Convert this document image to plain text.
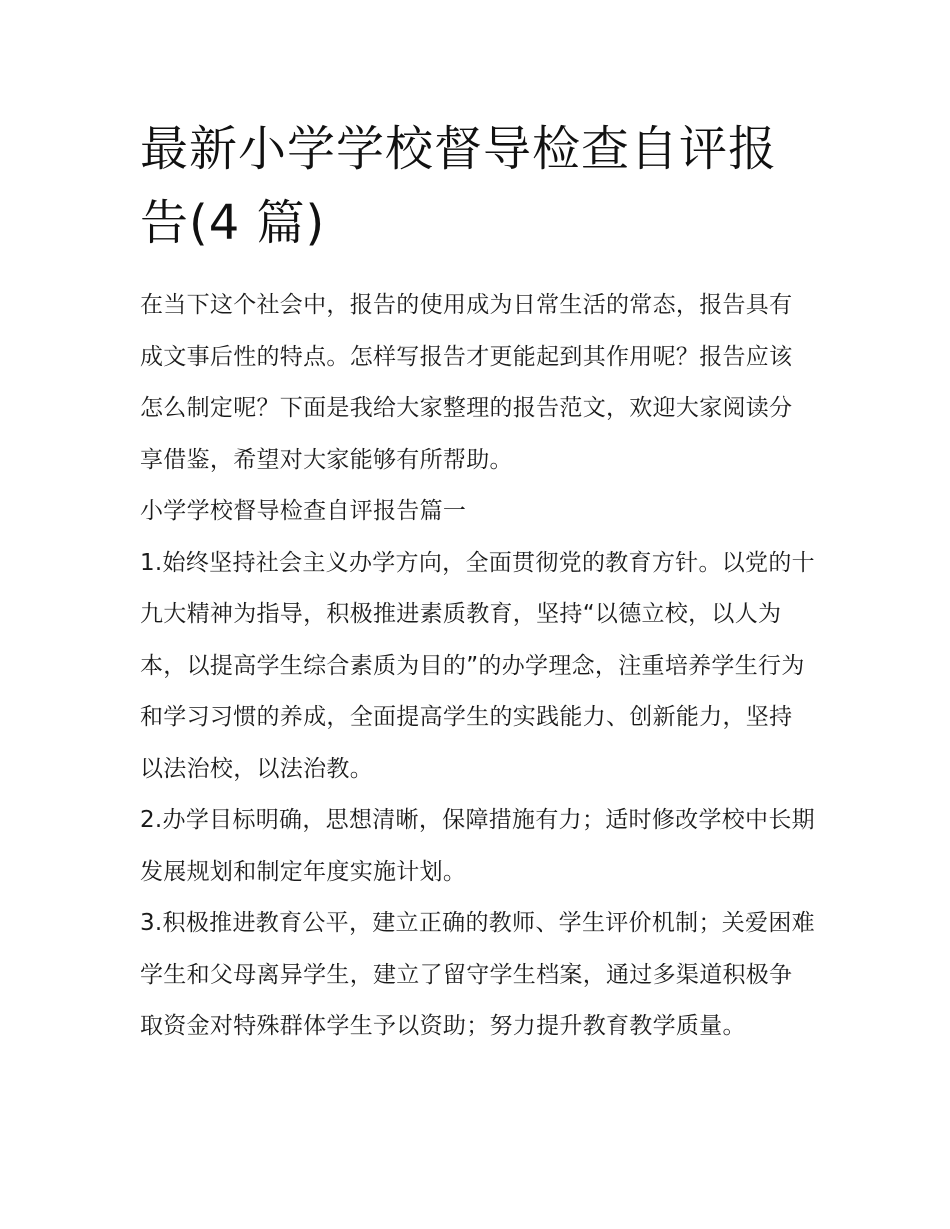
最新小学学校督导检查自评报告(4 篇)

在当下这个社会中，报告的使用成为日常生活的常态，报告具有成文事后性的特点。怎样写报告才更能起到其作用呢？报告应该怎么制定呢？下面是我给大家整理的报告范文，欢迎大家阅读分享借鉴，希望对大家能够有所帮助。

小学学校督导检查自评报告篇一

1.始终坚持社会主义办学方向，全面贯彻党的教育方针。以党的十九大精神为指导，积极推进素质教育，坚持“以德立校，以人为本，以提高学生综合素质为目的”的办学理念，注重培养学生行为和学习习惯的养成，全面提高学生的实践能力、创新能力，坚持以法治校，以法治教。

2.办学目标明确，思想清晰，保障措施有力；适时修改学校中长期发展规划和制定年度实施计划。

3.积极推进教育公平，建立正确的教师、学生评价机制；关爱困难学生和父母离异学生，建立了留守学生档案，通过多渠道积极争取资金对特殊群体学生予以资助；努力提升教育教学质量。
